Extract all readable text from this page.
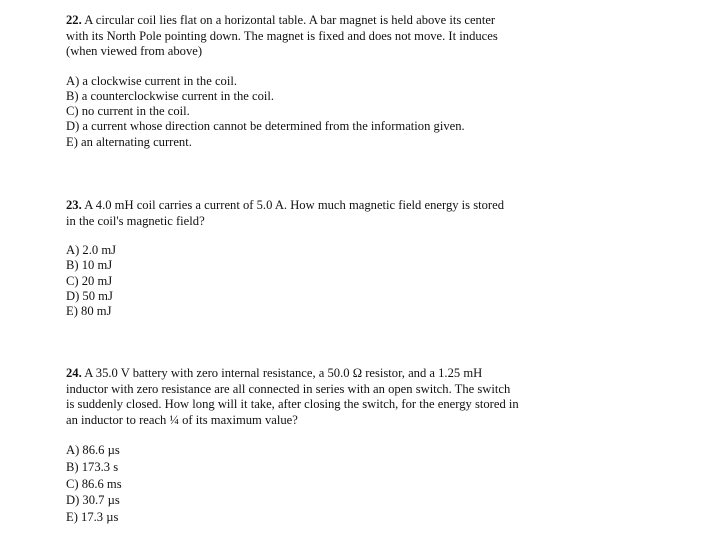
22. A circular coil lies flat on a horizontal table. A bar magnet is held above its center
with its North Pole pointing down. The magnet is fixed and does not move. It induces
(when viewed from above)

A) a clockwise current in the coil.
B) a counterclockwise current in the coil.
C) no current in the coil.
D) a current whose direction cannot be determined from the information given.
E) an alternating current.

23. A 4.0 mH coil carries a current of 5.0 A. How much magnetic field energy is stored
in the coil's magnetic field?

A) 2.0 mJ
B) 10 mJ
C) 20 mJ
D) 50 mJ
E) 80 mJ

24. A 35.0 V battery with zero internal resistance, a 50.0 Ω resistor, and a 1.25 mH
inductor with zero resistance are all connected in series with an open switch. The switch
is suddenly closed. How long will it take, after closing the switch, for the energy stored in
an inductor to reach ¼ of its maximum value?

A) 86.6 µs
B) 173.3 s
C) 86.6 ms
D) 30.7 µs
E) 17.3 µs
